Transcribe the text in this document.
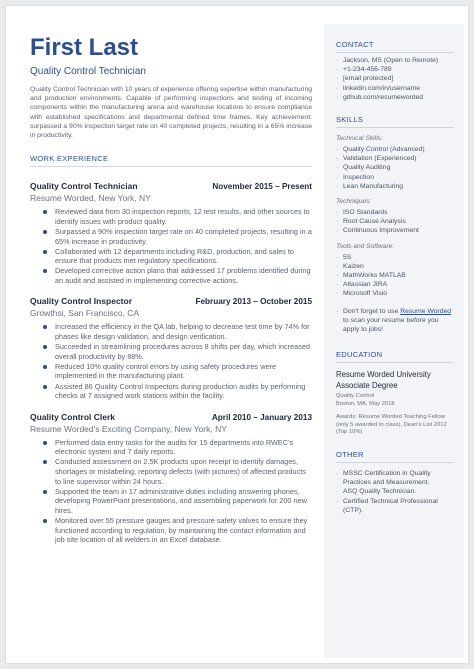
First Last
Quality Control Technician

Quality Control Technician with 10 years of experience offering expertise within manufacturing and production environments. Capable of performing inspections and testing of incoming components within the manufacturing arena and warehouse locations to ensure compliance with established specifications and departmental defined time frames. Key achievement: surpassed a 90% inspection target rate on 40 completed projects, resulting in a 65% increase in productivity.

WORK EXPERIENCE
Quality Control Technician	November 2015 – Present
Resume Worded, New York, NY
Reviewed data from 30 inspection reports, 12 test results, and other sources to identify issues with product quality.
Surpassed a 90% inspection target rate on 40 completed projects, resulting in a 65% increase in productivity.
Collaborated with 12 departments including R&D, production, and sales to ensure that products met regulatory specifications.
Developed corrective action plans that addressed 17 problems identified during an audit and assisted in implementing corrective actions.
Quality Control Inspector	February 2013 – October 2015
Growthsi, San Francisco, CA
Increased the efficiency in the QA lab, helping to decrease test time by 74% for phases like design validation, and design verification.
Succeeded in streamlining procedures across 8 shifts per day, which increased overall productivity by 88%.
Reduced 10% quality control errors by using safety procedures were implemented in the manufacturing plant.
Assisted 86 Quality Control Inspectors during production audits by performing checks at 7 assigned work stations within the facility.
Quality Control Clerk	April 2010 – January 2013
Resume Worded's Exciting Company, New York, NY
Performed data entry tasks for the audits for 15 departments into RWEC's electronic system and 7 daily reports.
Conducted assessment on 2.5K products upon receipt to identify damages, shortages or mislabeling, reporting defects (with pictures) of affected products to line supervisor within 24 hours.
Supported the team in 17 administrative duties including answering phones, developing PowerPoint presentations, and assembling paperwork for 200 new hires.
Monitored over 55 pressure gauges and pressure safety valves to ensure they functioned according to regulation, by maintaining the contact information and job site location of all welders in an Excel database.
CONTACT
· Jackson, MS (Open to Remote)
· +1-234-456-789
· [email protected]
· linkedin.com/in/username
· github.com/resumeworded
SKILLS
Technical Skills:
· Quality Control (Advanced)
· Validation (Experienced)
· Quality Auditing
· Inspection
· Lean Manufacturing
Techniques:
· ISO Standards
· Root Cause Analysis
· Continuous Improvement
Tools and Software:
· 5S
· Kaizen
· MathWorks MATLAB
· Atlassian JIRA
· Microsoft Visio
· Don't forget to use Resume Worded to scan your resume before you apply to jobs!
EDUCATION
Resume Worded University
Associate Degree
Quality Control
Boston, MA, May 2018
Awards: Resume Worded Teaching Fellow (only 5 awarded to class), Dean's List 2012 (Top 10%)
OTHER
· MSSC Certification in Quality Practices and Measurement.
· ASQ Quality Technician.
· Certified Technical Professional (CTP).
